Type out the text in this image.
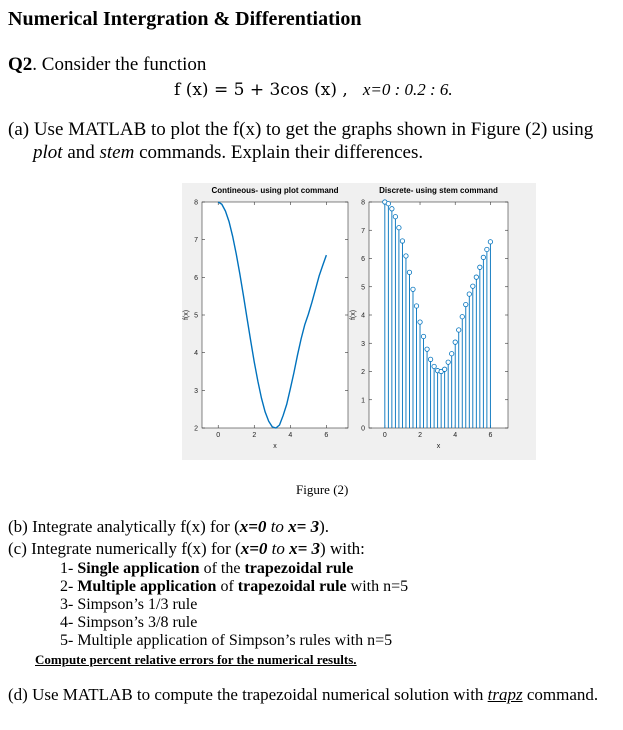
Numerical Intergration & Differentiation
Q2. Consider the function
f (x) = 5 + 3cos (x) , x=0 : 0.2 : 6.
(a) Use MATLAB to plot the f(x) to get the graphs shown in Figure (2) using
plot and stem commands. Explain their differences.
2
3
4
5
6
7
8
0	2	4	6
x
f(x)
Contineous- using plot command
0
1
2
3
4
5
6
7
8
0	2	4	6
x
f(x)
Discrete- using stem command
Figure (2)
(b) Integrate analytically f(x) for (x=0 to x= 3).
(c) Integrate numerically f(x) for (x=0 to x= 3) with:
1- Single application of the trapezoidal rule
2- Multiple application of trapezoidal rule with n=5
3- Simpson’s 1/3 rule
4- Simpson’s 3/8 rule
5- Multiple application of Simpson’s rules with n=5
Compute percent relative errors for the numerical results.
(d) Use MATLAB to compute the trapezoidal numerical solution with trapz command.
